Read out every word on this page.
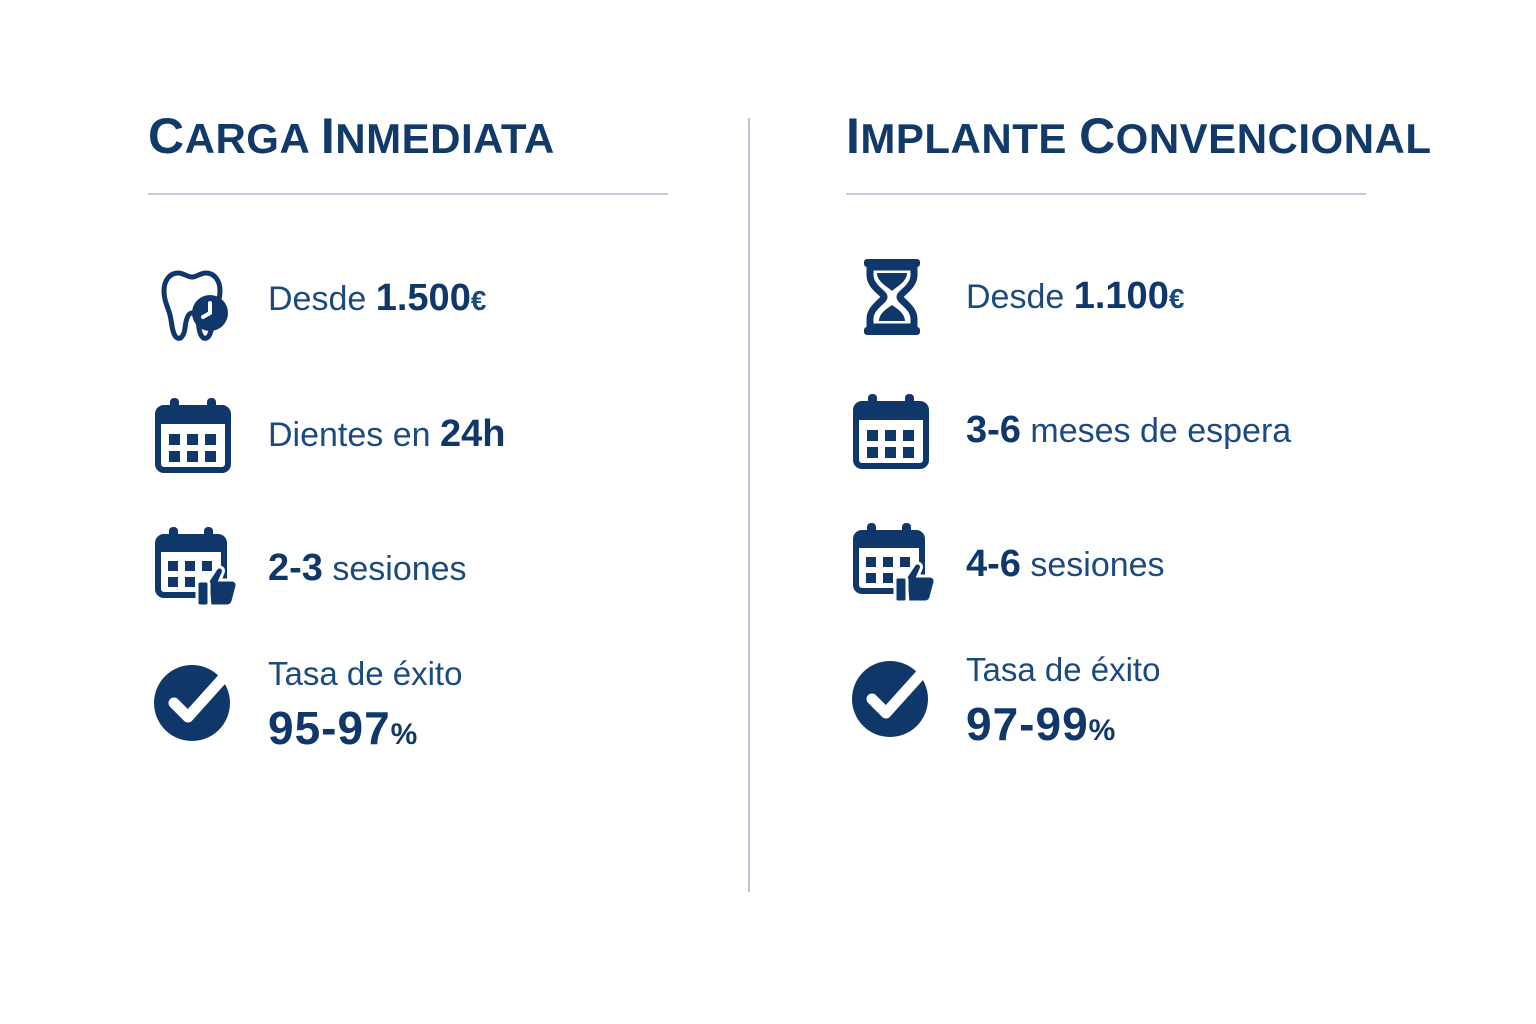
CARGA INMEDIATA
Desde 1.500€
Dientes en 24h
2-3 sesiones
Tasa de éxito
95-97%
IMPLANTE CONVENCIONAL
Desde 1.100€
3-6 meses de espera
4-6 sesiones
Tasa de éxito
97-99%
